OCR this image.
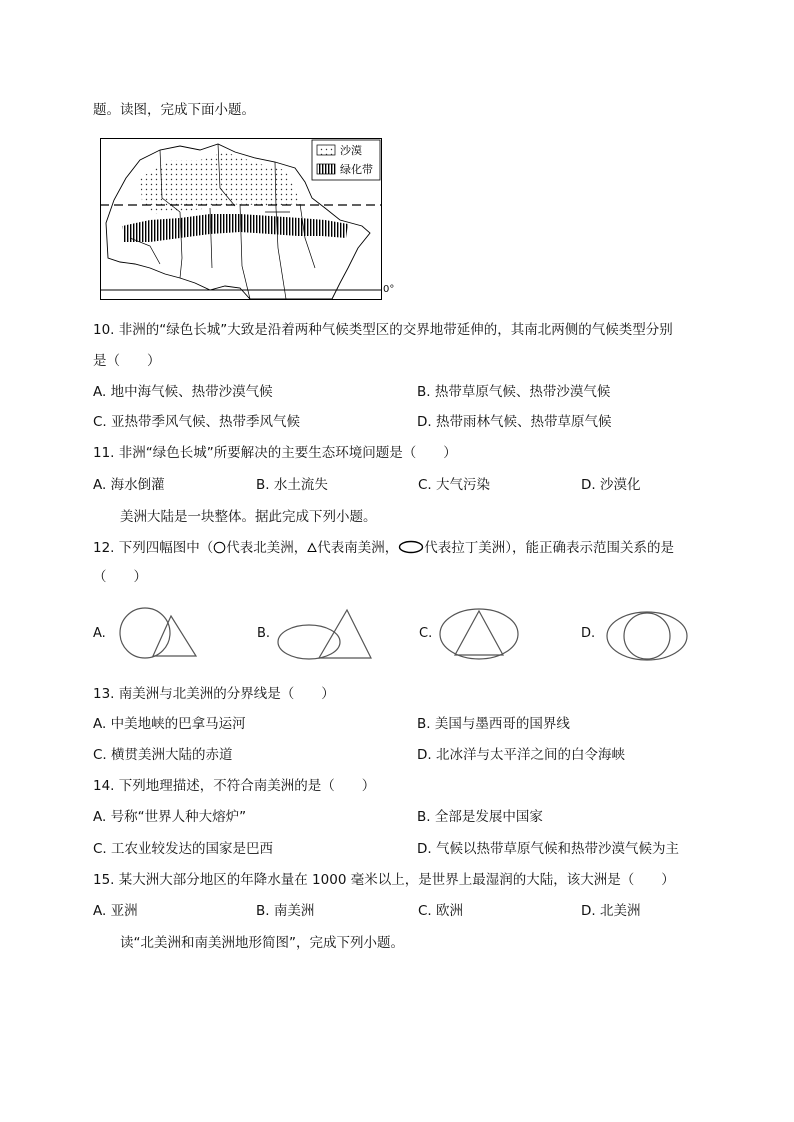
题。读图，完成下面小题。
沙漠
绿化带
0°
10. 非洲的“绿色长城”大致是沿着两种气候类型区的交界地带延伸的，其南北两侧的气候类型分别
是（　　）
A. 地中海气候、热带沙漠气候	B. 热带草原气候、热带沙漠气候
C. 亚热带季风气候、热带季风气候	D. 热带雨林气候、热带草原气候
11. 非洲“绿色长城”所要解决的主要生态环境问题是（　　）
A. 海水倒灌	B. 水土流失	C. 大气污染	D. 沙漠化
美洲大陆是一块整体。据此完成下列小题。
12. 下列四幅图中（ 代表北美洲， 代表南美洲， 代表拉丁美洲），能正确表示范围关系的是
（　　）
A.	B.	C.	D.
13. 南美洲与北美洲的分界线是（　　）
A. 中美地峡的巴拿马运河	B. 美国与墨西哥的国界线
C. 横贯美洲大陆的赤道	D. 北冰洋与太平洋之间的白令海峡
14. 下列地理描述，不符合南美洲的是（　　）
A. 号称“世界人种大熔炉”	B. 全部是发展中国家
C. 工农业较发达的国家是巴西	D. 气候以热带草原气候和热带沙漠气候为主
15. 某大洲大部分地区的年降水量在 1000 毫米以上，是世界上最湿润的大陆，该大洲是（　　）
A. 亚洲	B. 南美洲	C. 欧洲	D. 北美洲
读“北美洲和南美洲地形简图”，完成下列小题。
